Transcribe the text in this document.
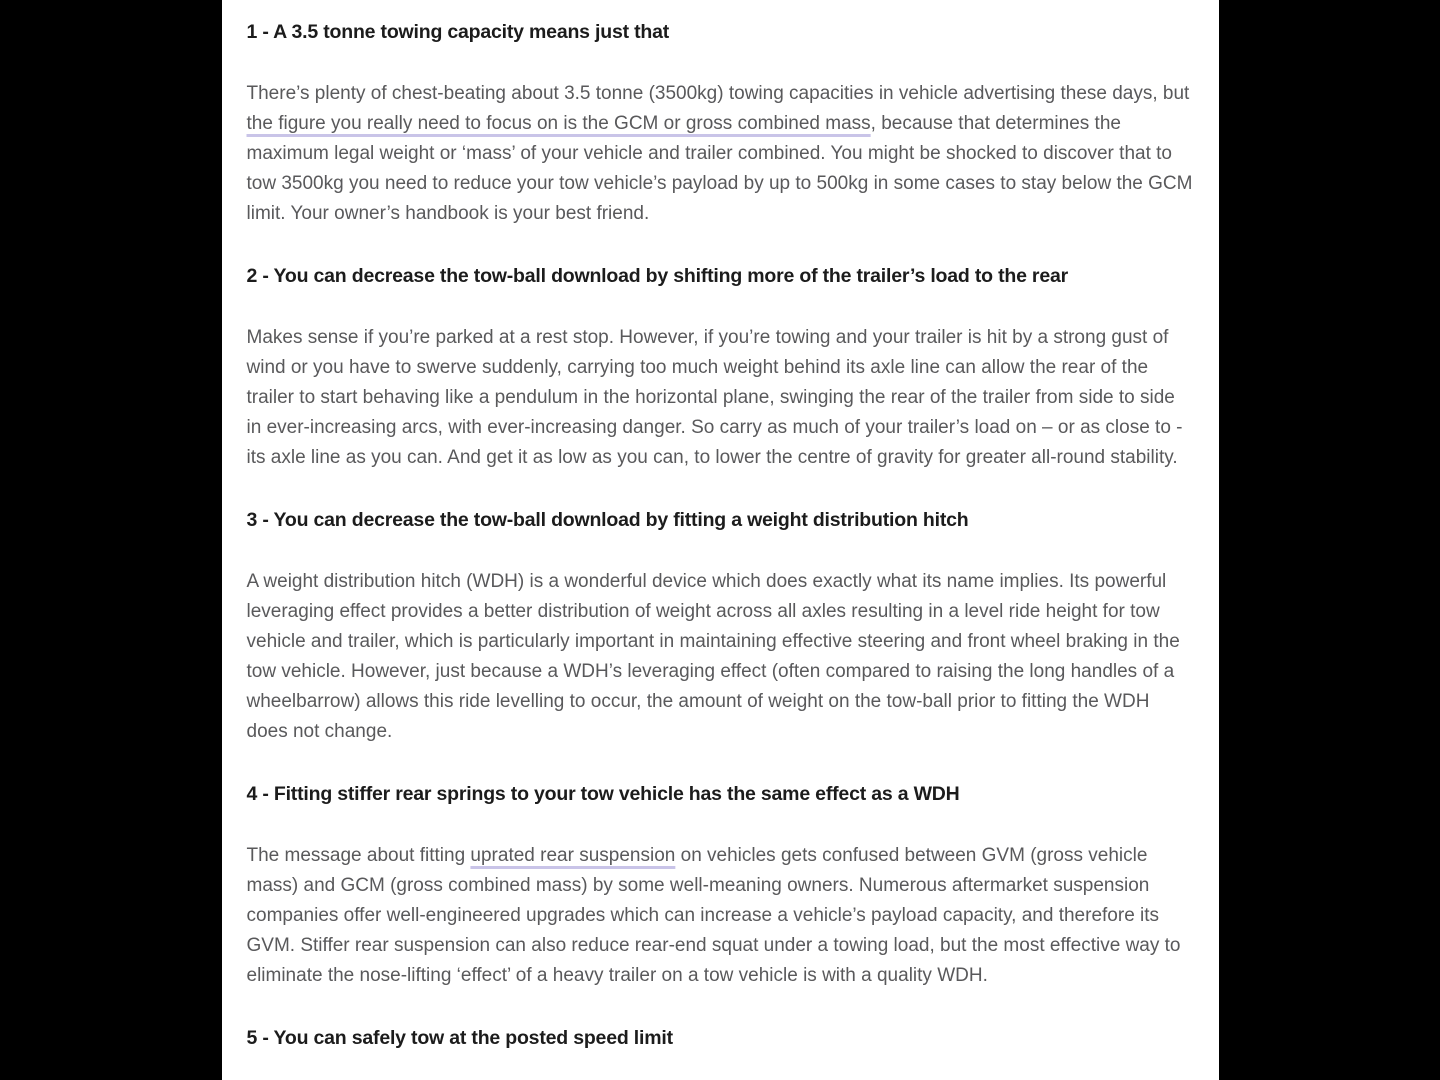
1 - A 3.5 tonne towing capacity means just that

There’s plenty of chest-beating about 3.5 tonne (3500kg) towing capacities in vehicle advertising these days, but the figure you really need to focus on is the GCM or gross combined mass, because that determines the maximum legal weight or ‘mass’ of your vehicle and trailer combined. You might be shocked to discover that to tow 3500kg you need to reduce your tow vehicle’s payload by up to 500kg in some cases to stay below the GCM limit. Your owner’s handbook is your best friend.

2 - You can decrease the tow-ball download by shifting more of the trailer’s load to the rear

Makes sense if you’re parked at a rest stop. However, if you’re towing and your trailer is hit by a strong gust of wind or you have to swerve suddenly, carrying too much weight behind its axle line can allow the rear of the trailer to start behaving like a pendulum in the horizontal plane, swinging the rear of the trailer from side to side in ever-increasing arcs, with ever-increasing danger. So carry as much of your trailer’s load on – or as close to - its axle line as you can. And get it as low as you can, to lower the centre of gravity for greater all-round stability.

3 - You can decrease the tow-ball download by fitting a weight distribution hitch

A weight distribution hitch (WDH) is a wonderful device which does exactly what its name implies. Its powerful leveraging effect provides a better distribution of weight across all axles resulting in a level ride height for tow vehicle and trailer, which is particularly important in maintaining effective steering and front wheel braking in the tow vehicle. However, just because a WDH’s leveraging effect (often compared to raising the long handles of a wheelbarrow) allows this ride levelling to occur, the amount of weight on the tow-ball prior to fitting the WDH does not change.

4 - Fitting stiffer rear springs to your tow vehicle has the same effect as a WDH

The message about fitting uprated rear suspension on vehicles gets confused between GVM (gross vehicle mass) and GCM (gross combined mass) by some well-meaning owners. Numerous aftermarket suspension companies offer well-engineered upgrades which can increase a vehicle’s payload capacity, and therefore its GVM. Stiffer rear suspension can also reduce rear-end squat under a towing load, but the most effective way to eliminate the nose-lifting ‘effect’ of a heavy trailer on a tow vehicle is with a quality WDH.

5 - You can safely tow at the posted speed limit
